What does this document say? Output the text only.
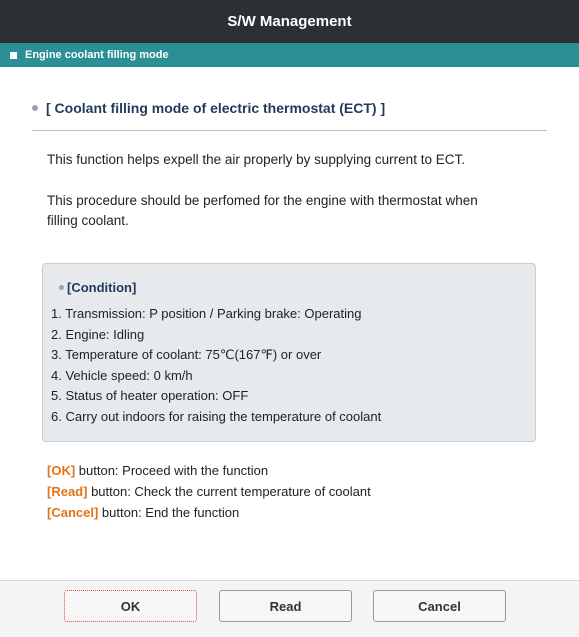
S/W Management
Engine coolant filling mode
[ Coolant filling mode of electric thermostat (ECT) ]
This function helps expell the air properly by supplying current to ECT.
This procedure should be perfomed for the engine with thermostat when
filling coolant.
[Condition]
1. Transmission: P position / Parking brake: Operating
2. Engine: Idling
3. Temperature of coolant: 75℃(167℉) or over
4. Vehicle speed: 0 km/h
5. Status of heater operation: OFF
6. Carry out indoors for raising the temperature of coolant
[OK] button: Proceed with the function
[Read] button: Check the current temperature of coolant
[Cancel] button: End the function
OK	Read	Cancel
